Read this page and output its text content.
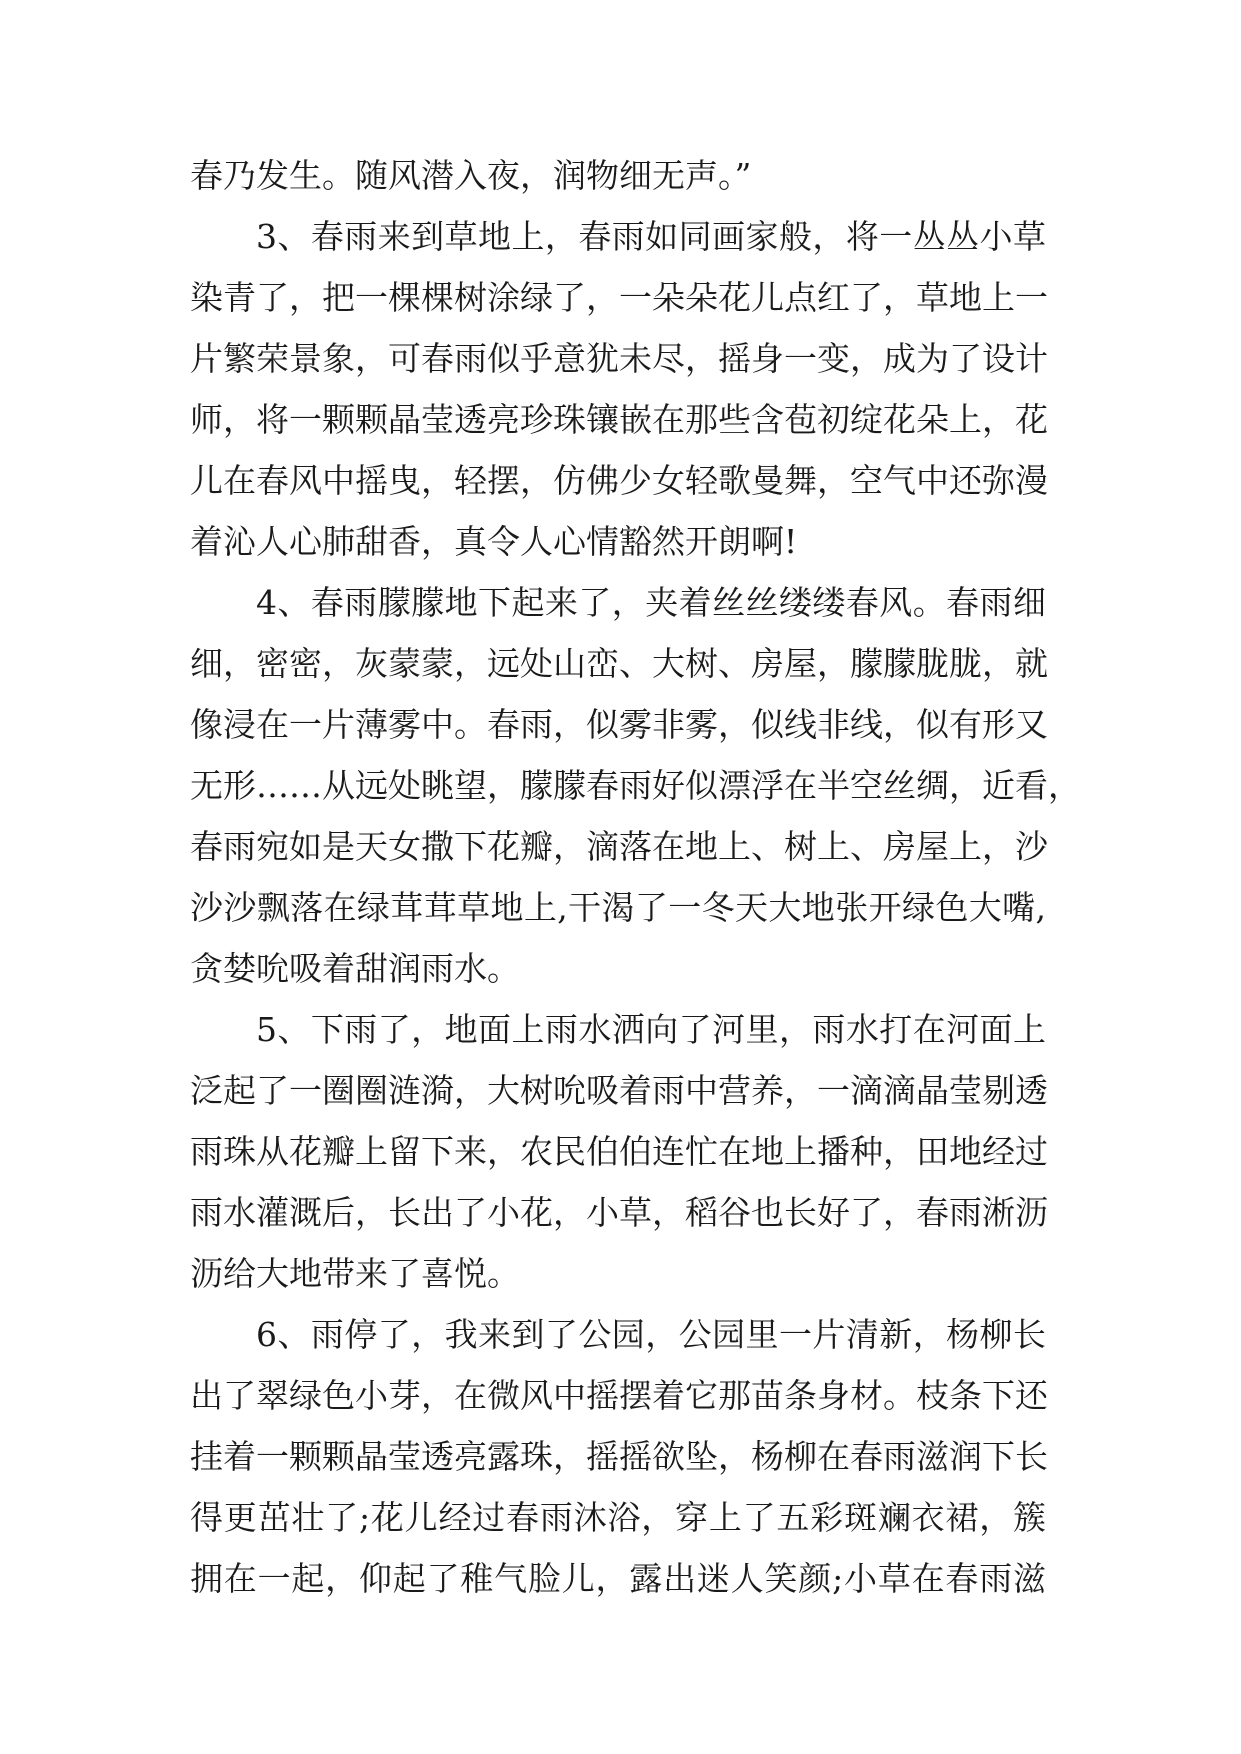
春乃发生。随风潜入夜，润物细无声。”
3、春雨来到草地上，春雨如同画家般，将一丛丛小草
染青了，把一棵棵树涂绿了，一朵朵花儿点红了，草地上一
片繁荣景象，可春雨似乎意犹未尽，摇身一变，成为了设计
师，将一颗颗晶莹透亮珍珠镶嵌在那些含苞初绽花朵上，花
儿在春风中摇曳，轻摆，仿佛少女轻歌曼舞，空气中还弥漫
着沁人心肺甜香，真令人心情豁然开朗啊!
4、春雨朦朦地下起来了，夹着丝丝缕缕春风。春雨细
细，密密，灰蒙蒙，远处山峦、大树、房屋，朦朦胧胧，就
像浸在一片薄雾中。春雨，似雾非雾，似线非线，似有形又
无形……从远处眺望，朦朦春雨好似漂浮在半空丝绸，近看，
春雨宛如是天女撒下花瓣，滴落在地上、树上、房屋上，沙
沙沙飘落在绿茸茸草地上,干渴了一冬天大地张开绿色大嘴,
贪婪吮吸着甜润雨水。
5、下雨了，地面上雨水洒向了河里，雨水打在河面上
泛起了一圈圈涟漪，大树吮吸着雨中营养，一滴滴晶莹剔透
雨珠从花瓣上留下来，农民伯伯连忙在地上播种，田地经过
雨水灌溉后，长出了小花，小草，稻谷也长好了，春雨淅沥
沥给大地带来了喜悦。
6、雨停了，我来到了公园，公园里一片清新，杨柳长
出了翠绿色小芽，在微风中摇摆着它那苗条身材。枝条下还
挂着一颗颗晶莹透亮露珠，摇摇欲坠，杨柳在春雨滋润下长
得更茁壮了;花儿经过春雨沐浴，穿上了五彩斑斓衣裙，簇
拥在一起，仰起了稚气脸儿，露出迷人笑颜;小草在春雨滋
